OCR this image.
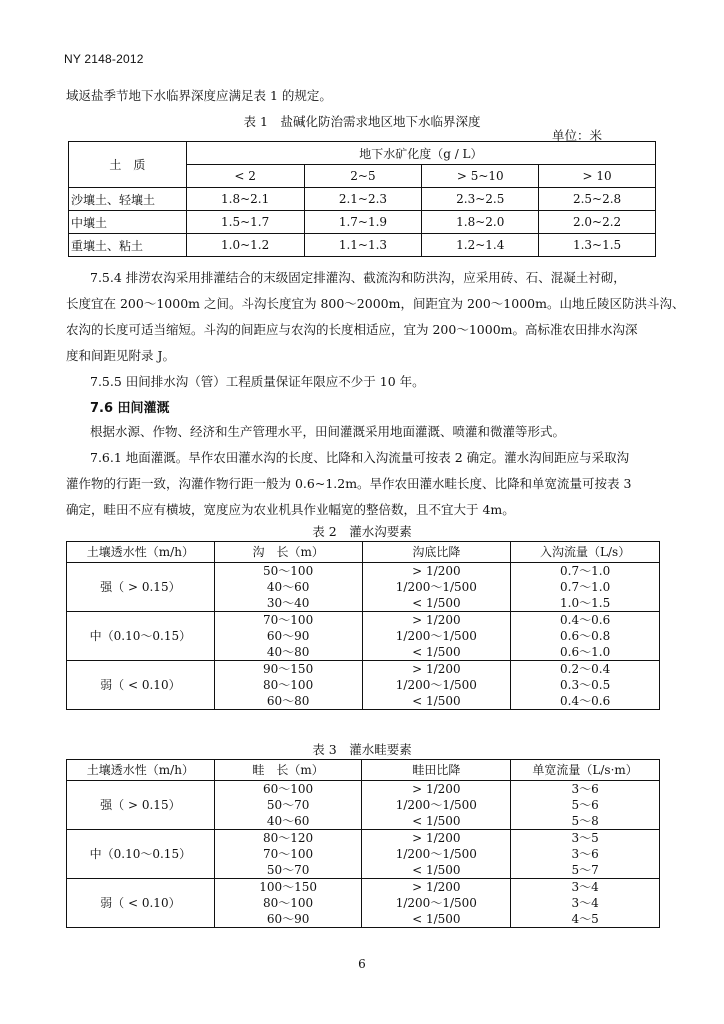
NY 2148-2012
域返盐季节地下水临界深度应满足表 1 的规定。
表 1　盐碱化防治需求地区地下水临界深度
单位：米
土　质	地下水矿化度（g / L）			
	< 2	2~5	> 5~10	> 10
沙壤土、轻壤土	1.8~2.1	2.1~2.3	2.3~2.5	2.5~2.8
中壤土	1.5~1.7	1.7~1.9	1.8~2.0	2.0~2.2
重壤土、粘土	1.0~1.2	1.1~1.3	1.2~1.4	1.3~1.5
7.5.4 排涝农沟采用排灌结合的末级固定排灌沟、截流沟和防洪沟，应采用砖、石、混凝土衬砌，
长度宜在 200～1000m 之间。斗沟长度宜为 800～2000m，间距宜为 200～1000m。山地丘陵区防洪斗沟、
农沟的长度可适当缩短。斗沟的间距应与农沟的长度相适应，宜为 200～1000m。高标准农田排水沟深
度和间距见附录 J。
7.5.5 田间排水沟（管）工程质量保证年限应不少于 10 年。
7.6 田间灌溉
根据水源、作物、经济和生产管理水平，田间灌溉采用地面灌溉、喷灌和微灌等形式。
7.6.1 地面灌溉。旱作农田灌水沟的长度、比降和入沟流量可按表 2 确定。灌水沟间距应与采取沟
灌作物的行距一致，沟灌作物行距一般为 0.6~1.2m。旱作农田灌水畦长度、比降和单宽流量可按表 3
确定，畦田不应有横坡，宽度应为农业机具作业幅宽的整倍数，且不宜大于 4m。
表 2　灌水沟要素
土壤透水性（m/h）	沟　长（m）	沟底比降	入沟流量（L/s）
强（ > 0.15）	50～100	> 1/200	0.7～1.0
	40～60	1/200～1/500	0.7～1.0
	30～40	< 1/500	1.0～1.5
中（0.10～0.15）	70～100	> 1/200	0.4～0.6
	60～90	1/200～1/500	0.6～0.8
	40～80	< 1/500	0.6～1.0
弱（ < 0.10）	90～150	> 1/200	0.2～0.4
	80～100	1/200～1/500	0.3～0.5
	60～80	< 1/500	0.4～0.6
表 3　灌水畦要素
土壤透水性（m/h）	畦　长（m）	畦田比降	单宽流量（L/s·m）
强（ > 0.15）	60～100	> 1/200	3～6
	50～70	1/200～1/500	5～6
	40～60	< 1/500	5～8
中（0.10～0.15）	80～120	> 1/200	3～5
	70～100	1/200～1/500	3～6
	50～70	< 1/500	5～7
弱（ < 0.10）	100～150	> 1/200	3～4
	80～100	1/200～1/500	3～4
	60～90	< 1/500	4～5
6
